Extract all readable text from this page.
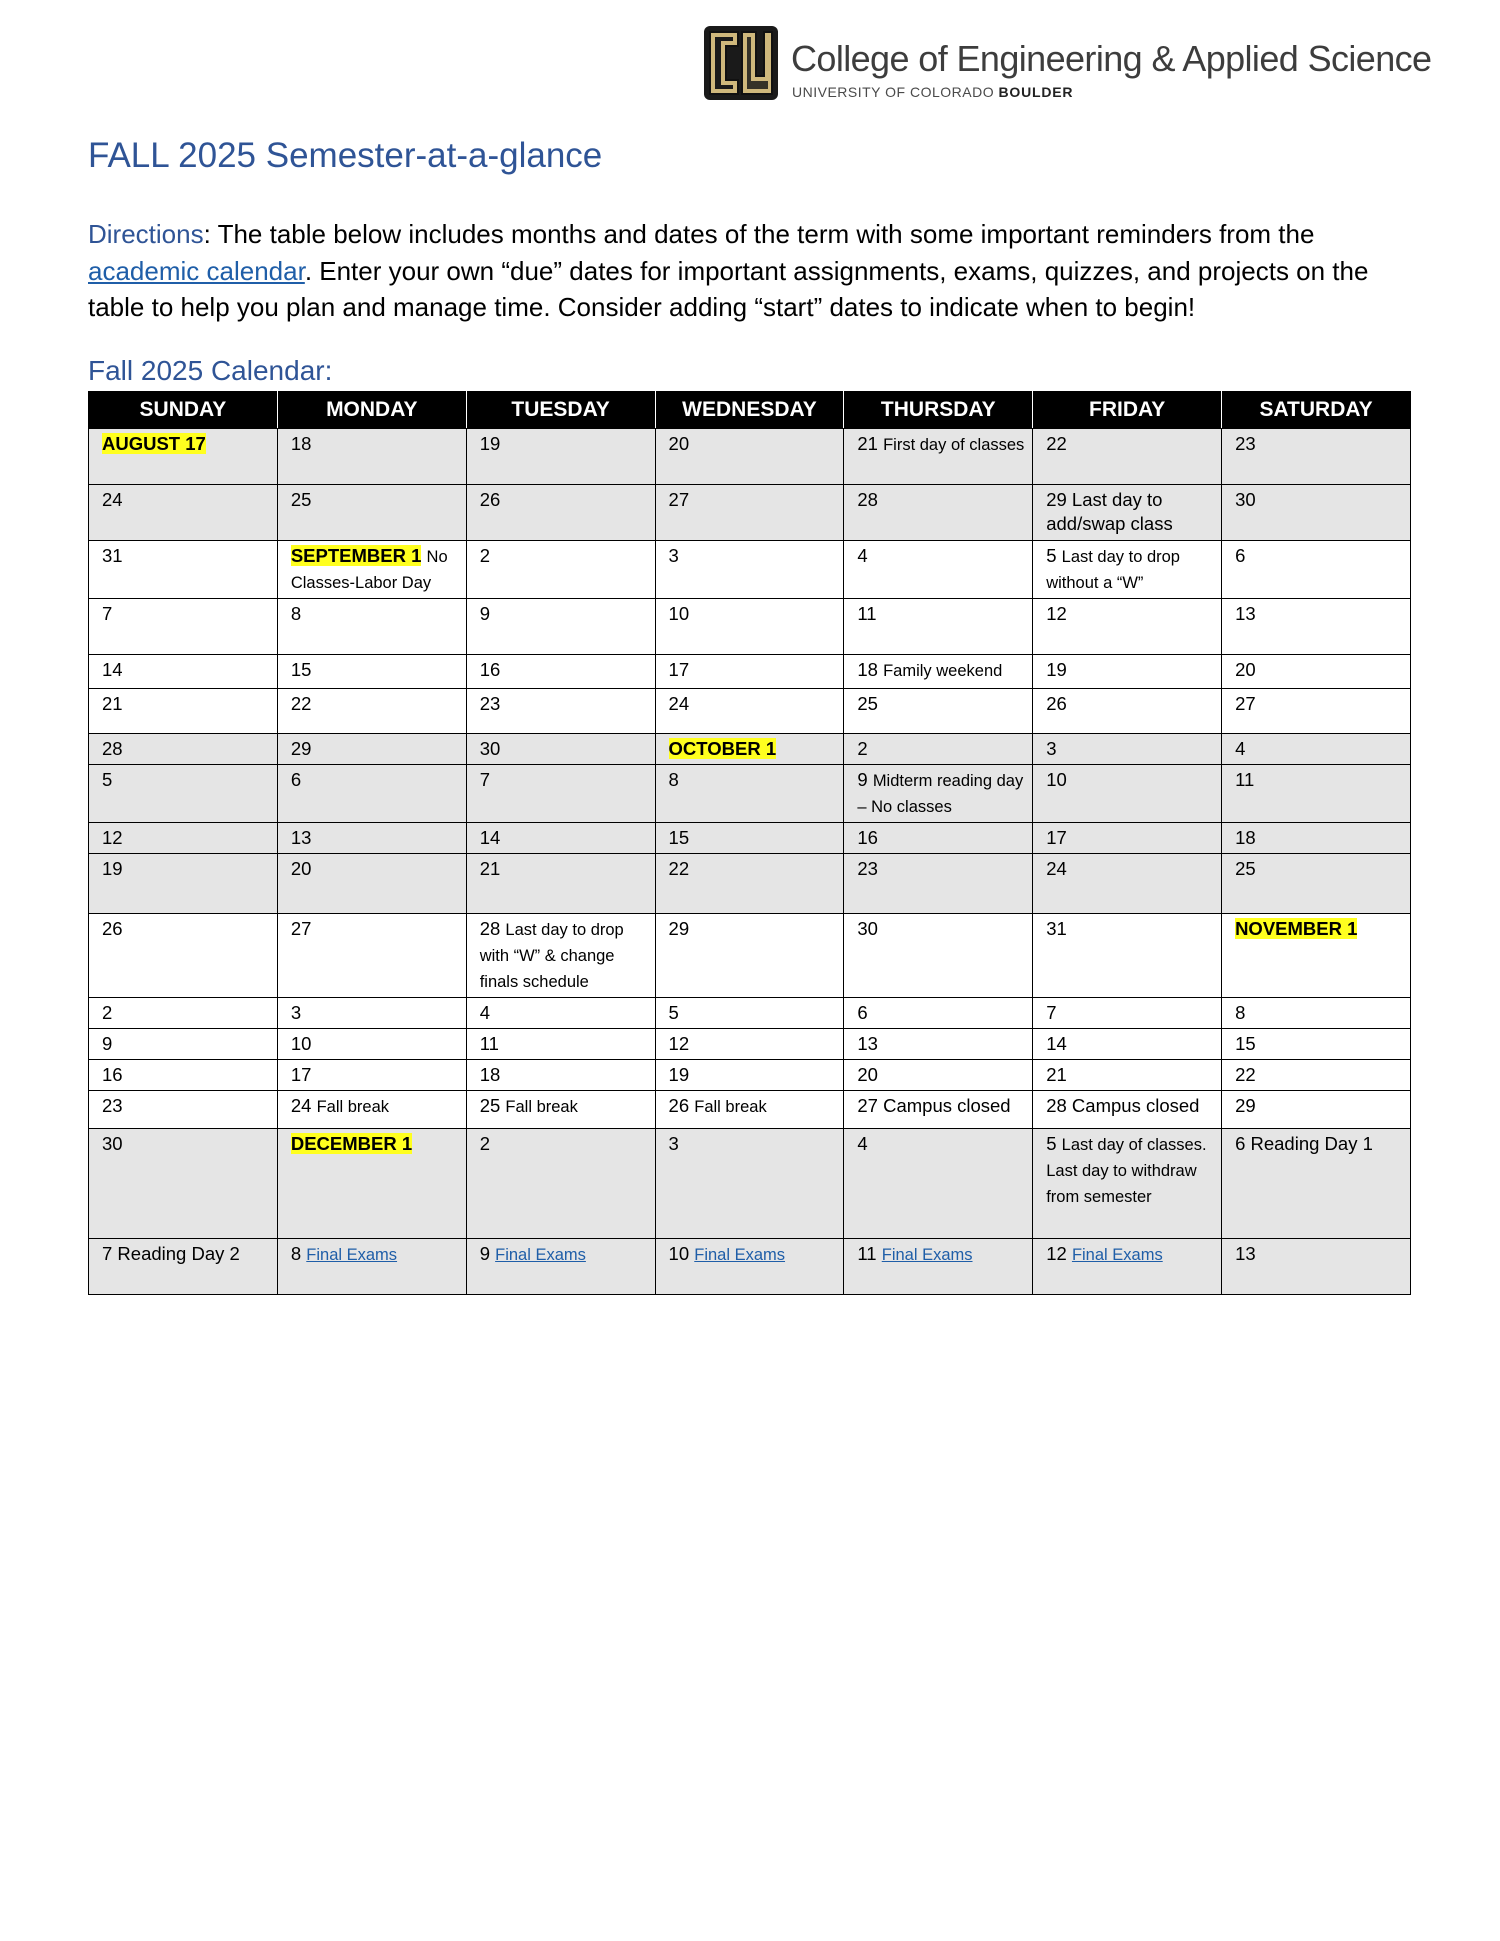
College of Engineering & Applied Science
UNIVERSITY OF COLORADO BOULDER
FALL 2025 Semester-at-a-glance
Directions: The table below includes months and dates of the term with some important reminders from the academic calendar. Enter your own “due” dates for important assignments, exams, quizzes, and projects on the table to help you plan and manage time. Consider adding “start” dates to indicate when to begin!
Fall 2025 Calendar:
SUNDAY	MONDAY	TUESDAY	WEDNESDAY	THURSDAY	FRIDAY	SATURDAY
AUGUST 17	18	19	20	21 First day of classes	22	23
24	25	26	27	28	29 Last day to add/swap class	30
31	SEPTEMBER 1 No Classes-Labor Day	2	3	4	5 Last day to drop without a “W”	6
7	8	9	10	11	12	13
14	15	16	17	18 Family weekend	19	20
21	22	23	24	25	26	27
28	29	30	OCTOBER 1	2	3	4
5	6	7	8	9 Midterm reading day – No classes	10	11
12	13	14	15	16	17	18
19	20	21	22	23	24	25
26	27	28 Last day to drop with “W” & change finals schedule	29	30	31	NOVEMBER 1
2	3	4	5	6	7	8
9	10	11	12	13	14	15
16	17	18	19	20	21	22
23	24 Fall break	25 Fall break	26 Fall break	27 Campus closed	28 Campus closed	29
30	DECEMBER 1	2	3	4	5 Last day of classes. Last day to withdraw from semester	6 Reading Day 1
7 Reading Day 2	8 Final Exams	9 Final Exams	10 Final Exams	11 Final Exams	12 Final Exams	13
